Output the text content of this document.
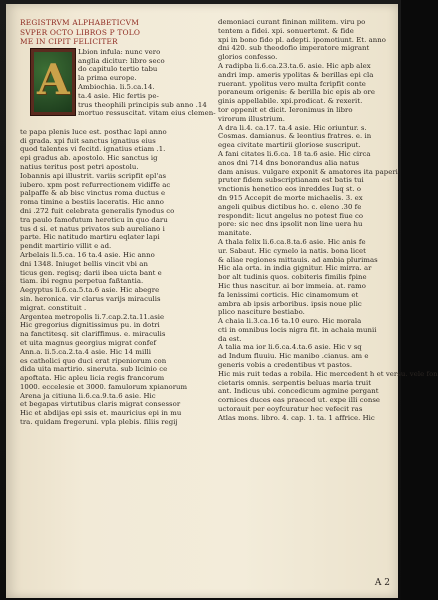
REGISTRVM ALPHABETICVM
SVPER OCTO LIBROS P TOLO
ME IN CIPIT FELICITER
A
Lbion infula: nunc vero
anglia dicitur: libro seco
do capitulo tertio tabu
la prima europe.
Ambiochia. li.5.ca.14.
ta.4 asie. Hic fertis pe-
trus theophili principis sub anno .14
mortuo ressuscitat. vitam eius clemen-
te papa plenis luce est. posthac lapi anno
di grada. xpi fuit sanctus ignatius eius
quod talentes vi fecitd. ignatius etiam .1.
epi gradus ab. apostolo. Hic sanctus ig
natius teritus post petri apostolu.
Iobannis api illustrit. variis scripfit epl'as
iubero. xpm post refurrectionem vidiffe ac
palpaffe & ab bisc vinctus roma ductus e
roma timine a bestiis laceratis. Hic anno
dni .272 fuit celebrata generalis fynodus co
tra paulo famofutum hereticu in quo daru
tus d si. et natus privatos sub aureliano i
parte. Hic natitudo martiru eqlater lapi
pendit martirio villit e ad.
Arbelais li.5.ca. 16 ta.4 asie. Hic anno
dni 1348. Iniuget bellis vincit vbi an
ticus gen. regisq; darii ibea uicta bant e
tiam. ibi regnu perpetua faßtantia.
Aegyptus li.6.ca.5.ta.6 asie. Hic abegre
sin. heronica. vir clarus varijs miraculis
migrat. constituit .
Argentea metropolis li.7.cap.2.ta.11.asie
Hic gregorius dignitissimus pu. in dotri
na fanctitesq. sit clariffimus. e. miraculis
et uita magnus georgius migrat confef
Ann.a. li.5.ca.2.ta.4 asie. Hic 14 milli
es catholici quo duci erat ripeniorum con
dida uita martirio. sineruta. sub licinio ce
apoftata. Hic apleu licia regis francorum
1000. eccelesie et 3000. famulorum xpianorum
Arena ja citiuna li.6.ca.9.ta.6 asie. Hic
et begapas virtutibus claris migrat consessor
Hic et abdijas epi ssis et. mauricius epi in mu
tra. quidam fregeruni. vpla plebis. filiis regij
demoniaci curant fininan militem. viru po
tentem a fidei. xpi. sonuertemt. & fide
xpi in bono fido pl. adepti. ipomotiunt. Et. anno
dni 420. sub theodofio imperatore migrant
glorios confesso.
A radipba li.6.ca.23.ta.6. asie. Hic apb alex
andri imp. ameris ypolitas & berillas epi cla
ruerant. ypolitus vero multa fcripfit conte
poraneum origenis: & berilla bic epis ab ore
ginis appellabile. xpi.prodicat. & rexerit.
tor oppenit et dicit. Ieronimus in libro
virorum illustrium.
A dra li.4. ca.17. ta.4 asie. Hic oriuntur. s.
Cosmas. damianus. & leontius fratres. e. in
egea civitate martirii gloriose suscriput.
A fani citates li.6.ca. 18 ta.6 asie. Hic circa
anos dni 714 dns bonorandus alia natus
dam anisus. vulgare exponit & amatores ita paperi
pruter fidem subscriptianam est batis tui
vnctionis henetico eos inreddes Iuq st. o
dn 915 Accepit de morte michaelis. 3. ex
angeli quibus dictibus ho. c. eleno .30 fe
respondit: licut angelus no potest fiue co
pore: sic nec dns ipsolit non line uera hu
manitate.
A thala felix li.6.ca.8.ta.6 asie. Hic anis fe
ur. Sabaut. Hic cymelo ia natis. bona licet
& aliae regiones mittauis. ad ambia plurimas
Hic ala orta. in india gignitur. Hic mirra. ar
bor alt tudinis quos. cobiteris fimilis fpine
Hic thus nascitur. ai bor immeia. at. ramo
fa lenissimi corticis. Hic cinamomum et
ambra ab ipsis arboribus. ipsis noue plic
plico nasciture bestiabo.
A chaia li.3.ca.16 ta.10 euro. Hic morala
cti in omnibus locis nigra fit. in achaia munii
da est.
A talia ma ior li.6.ca.4.ta.6 asie. Hic v sq
ad Indum fluuiu. Hic manibo .cianus. am e
generis vobis a credentibus vt pastos.
Hic mis ruit tedas a robila. Hic mercedent h et versu. vele fon
cietaris omnis. serpentis beluas maria truit
ant. Indicus ubi. concedicum agmine pergant
cornices duces eas praeced ut. expe illi conse
uctorauit per eoyfcuratur hec vefecit ras
Atlas mons. libro. 4. cap. 1. ta. 1 affrice. Hic
A 2
